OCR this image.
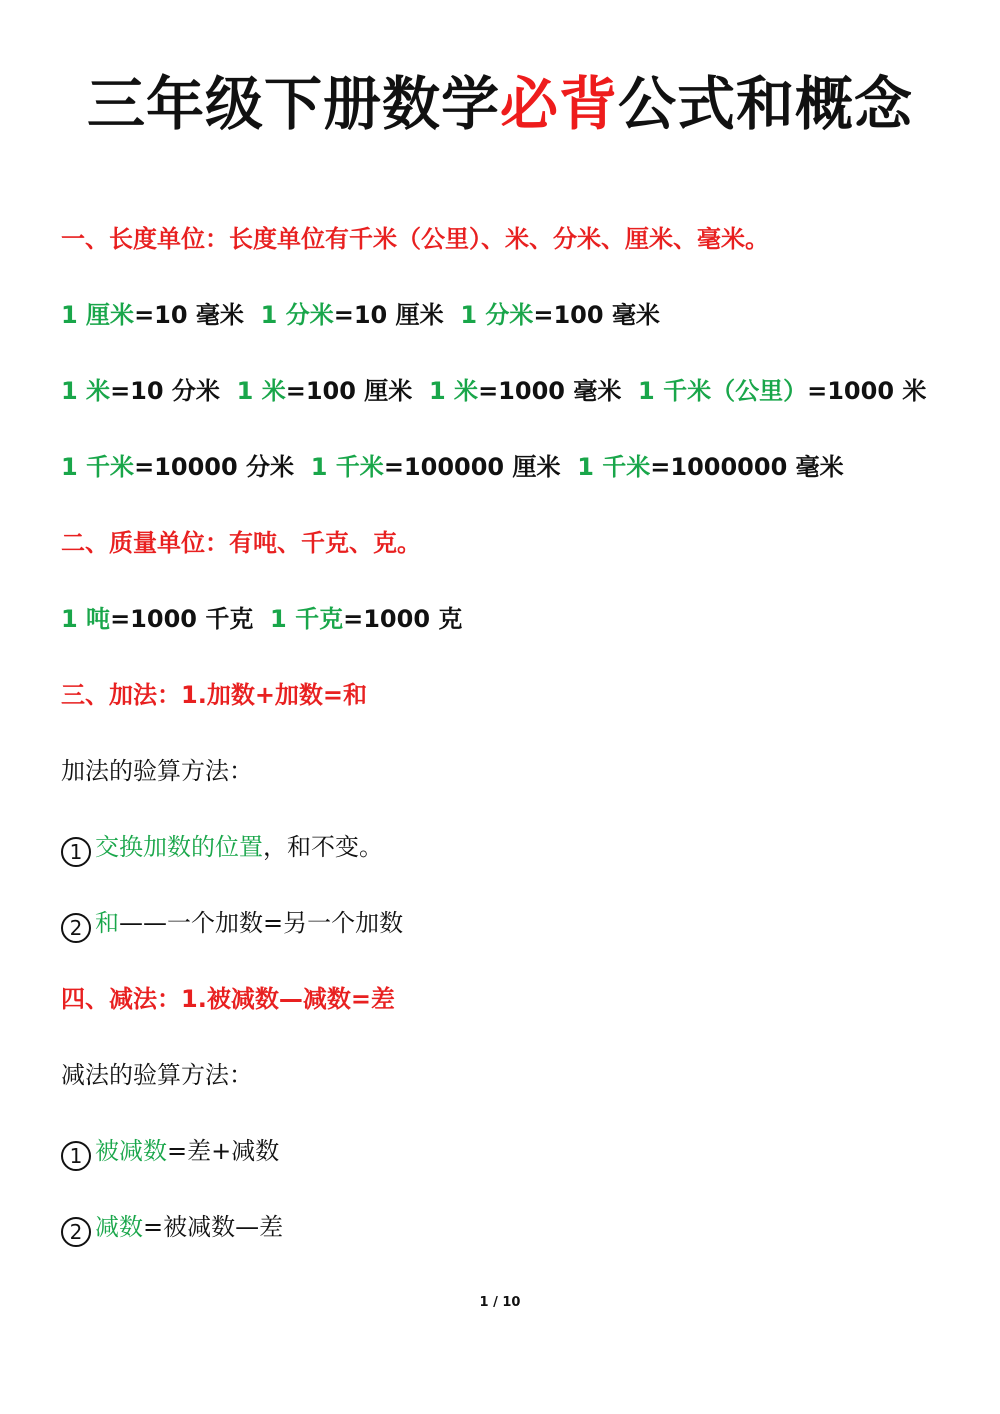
三年级下册数学必背公式和概念
一、长度单位：长度单位有千米（公里）、米、分米、厘米、毫米。
1 厘米=10 毫米 1 分米=10 厘米 1 分米=100 毫米
1 米=10 分米 1 米=100 厘米 1 米=1000 毫米 1 千米（公里）=1000 米
1 千米=10000 分米 1 千米=100000 厘米 1 千米=1000000 毫米
二、质量单位：有吨、千克、克。
1 吨=1000 千克 1 千克=1000 克
三、加法：1.加数+加数=和
加法的验算方法：
1 交换加数的位置，和不变。
2 和——一个加数=另一个加数
四、减法：1.被减数—减数=差
减法的验算方法：
1 被减数=差+减数
2 减数=被减数—差
1 / 10
